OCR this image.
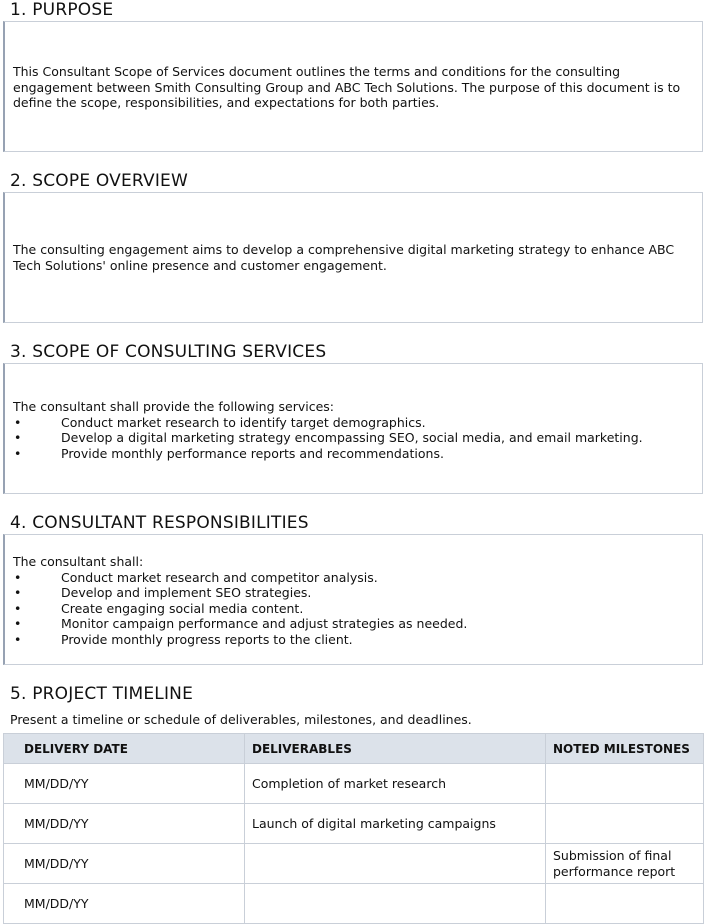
1. PURPOSE

This Consultant Scope of Services document outlines the terms and conditions for the consulting engagement between Smith Consulting Group and ABC Tech Solutions. The purpose of this document is to define the scope, responsibilities, and expectations for both parties.

2. SCOPE OVERVIEW

The consulting engagement aims to develop a comprehensive digital marketing strategy to enhance ABC Tech Solutions' online presence and customer engagement.

3. SCOPE OF CONSULTING SERVICES

The consultant shall provide the following services:

• Conduct market research to identify target demographics.
• Develop a digital marketing strategy encompassing SEO, social media, and email marketing.
• Provide monthly performance reports and recommendations.
4. CONSULTANT RESPONSIBILITIES

The consultant shall:

• Conduct market research and competitor analysis.
• Develop and implement SEO strategies.
• Create engaging social media content.
• Monitor campaign performance and adjust strategies as needed.
• Provide monthly progress reports to the client.
5. PROJECT TIMELINE

Present a timeline or schedule of deliverables, milestones, and deadlines.

DELIVERY DATE	DELIVERABLES	NOTED MILESTONES
MM/DD/YY	Completion of market research	
MM/DD/YY	Launch of digital marketing campaigns	
MM/DD/YY		Submission of final performance report
MM/DD/YY		
